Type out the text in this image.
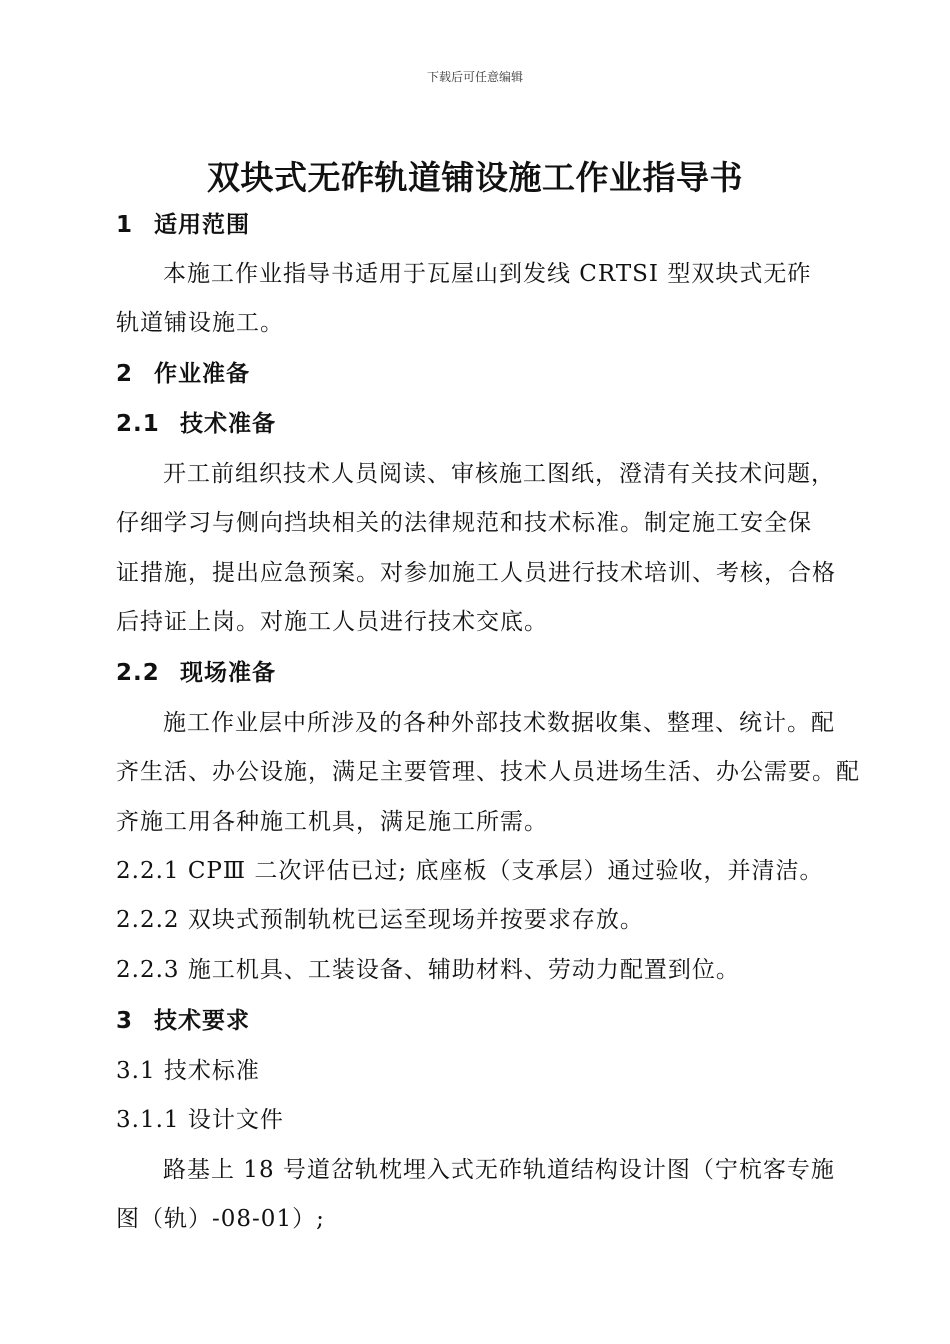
下载后可任意编辑
双块式无砟轨道铺设施工作业指导书
1 适用范围
本施工作业指导书适用于瓦屋山到发线 CRTSⅠ 型双块式无砟
轨道铺设施工。
2 作业准备
2.1 技术准备
开工前组织技术人员阅读、审核施工图纸，澄清有关技术问题，
仔细学习与侧向挡块相关的法律规范和技术标准。制定施工安全保
证措施，提出应急预案。对参加施工人员进行技术培训、考核，合格
后持证上岗。对施工人员进行技术交底。
2.2 现场准备
施工作业层中所涉及的各种外部技术数据收集、整理、统计。配
齐生活、办公设施，满足主要管理、技术人员进场生活、办公需要。配
齐施工用各种施工机具，满足施工所需。
2.2.1 CPⅢ 二次评估已过; 底座板（支承层）通过验收，并清洁。
2.2.2 双块式预制轨枕已运至现场并按要求存放。
2.2.3 施工机具、工装设备、辅助材料、劳动力配置到位。
3 技术要求
3.1 技术标准
3.1.1 设计文件
路基上 18 号道岔轨枕埋入式无砟轨道结构设计图（宁杭客专施
图（轨）-08-01）;
